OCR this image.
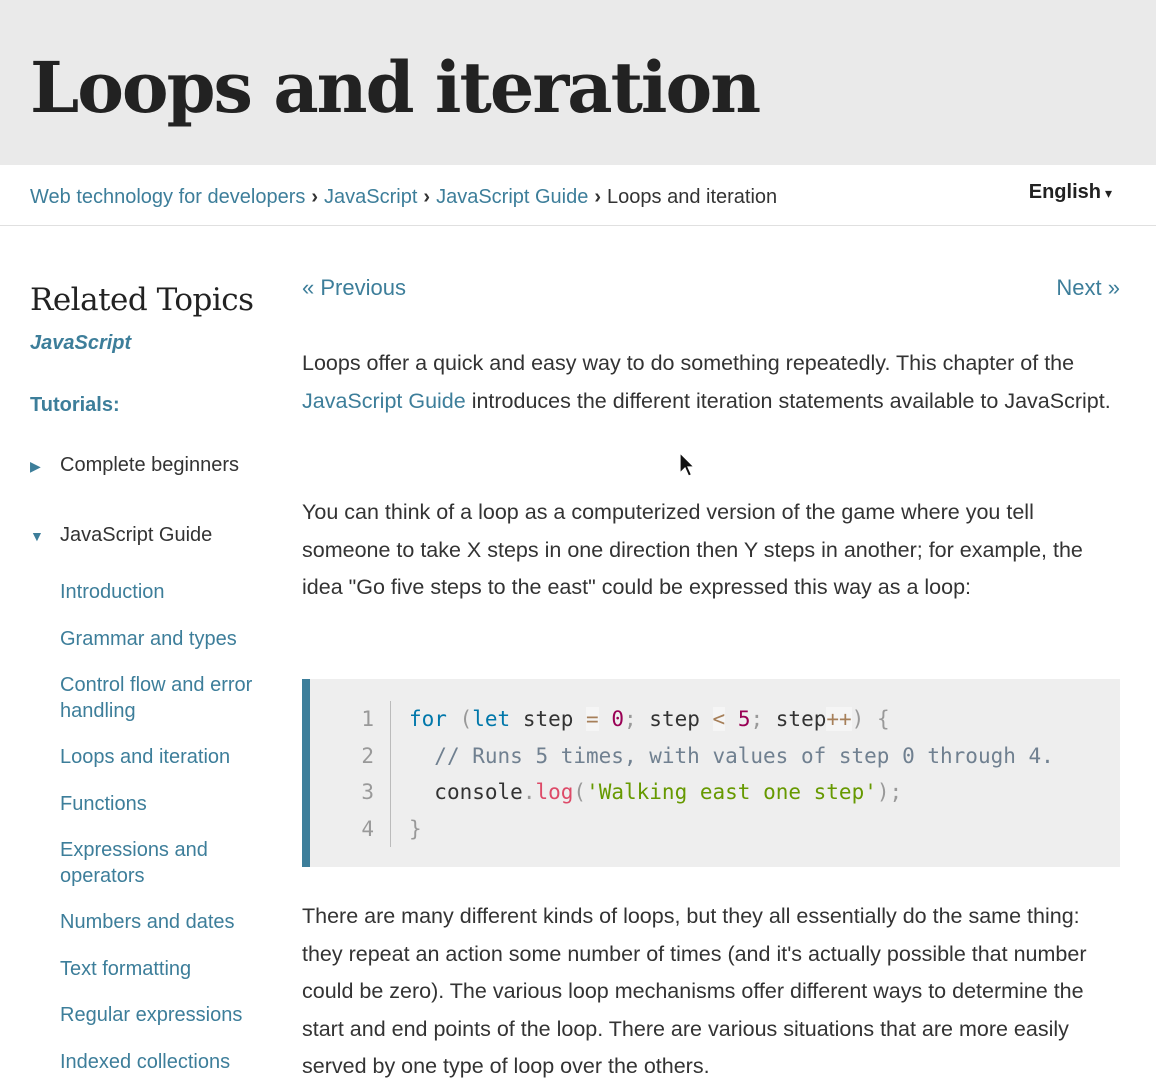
Loops and iteration
Web technology for developers › JavaScript › JavaScript Guide › Loops and iteration	English ▾
Related Topics
JavaScript
Tutorials:
▶ Complete beginners
▼ JavaScript Guide
Introduction
Grammar and types
Control flow and error handling
Loops and iteration
Functions
Expressions and operators
Numbers and dates
Text formatting
Regular expressions
Indexed collections
« Previous	Next »

Loops offer a quick and easy way to do something repeatedly. This chapter of the JavaScript Guide introduces the different iteration statements available to JavaScript.

You can think of a loop as a computerized version of the game where you tell someone to take X steps in one direction then Y steps in another; for example, the idea "Go five steps to the east" could be expressed this way as a loop:

1 for (let step = 0; step < 5; step++) {
2	// Runs 5 times, with values of step 0 through 4.
3	console.log('Walking east one step');
4 }

There are many different kinds of loops, but they all essentially do the same thing: they repeat an action some number of times (and it's actually possible that number could be zero). The various loop mechanisms offer different ways to determine the start and end points of the loop. There are various situations that are more easily served by one type of loop over the others.
